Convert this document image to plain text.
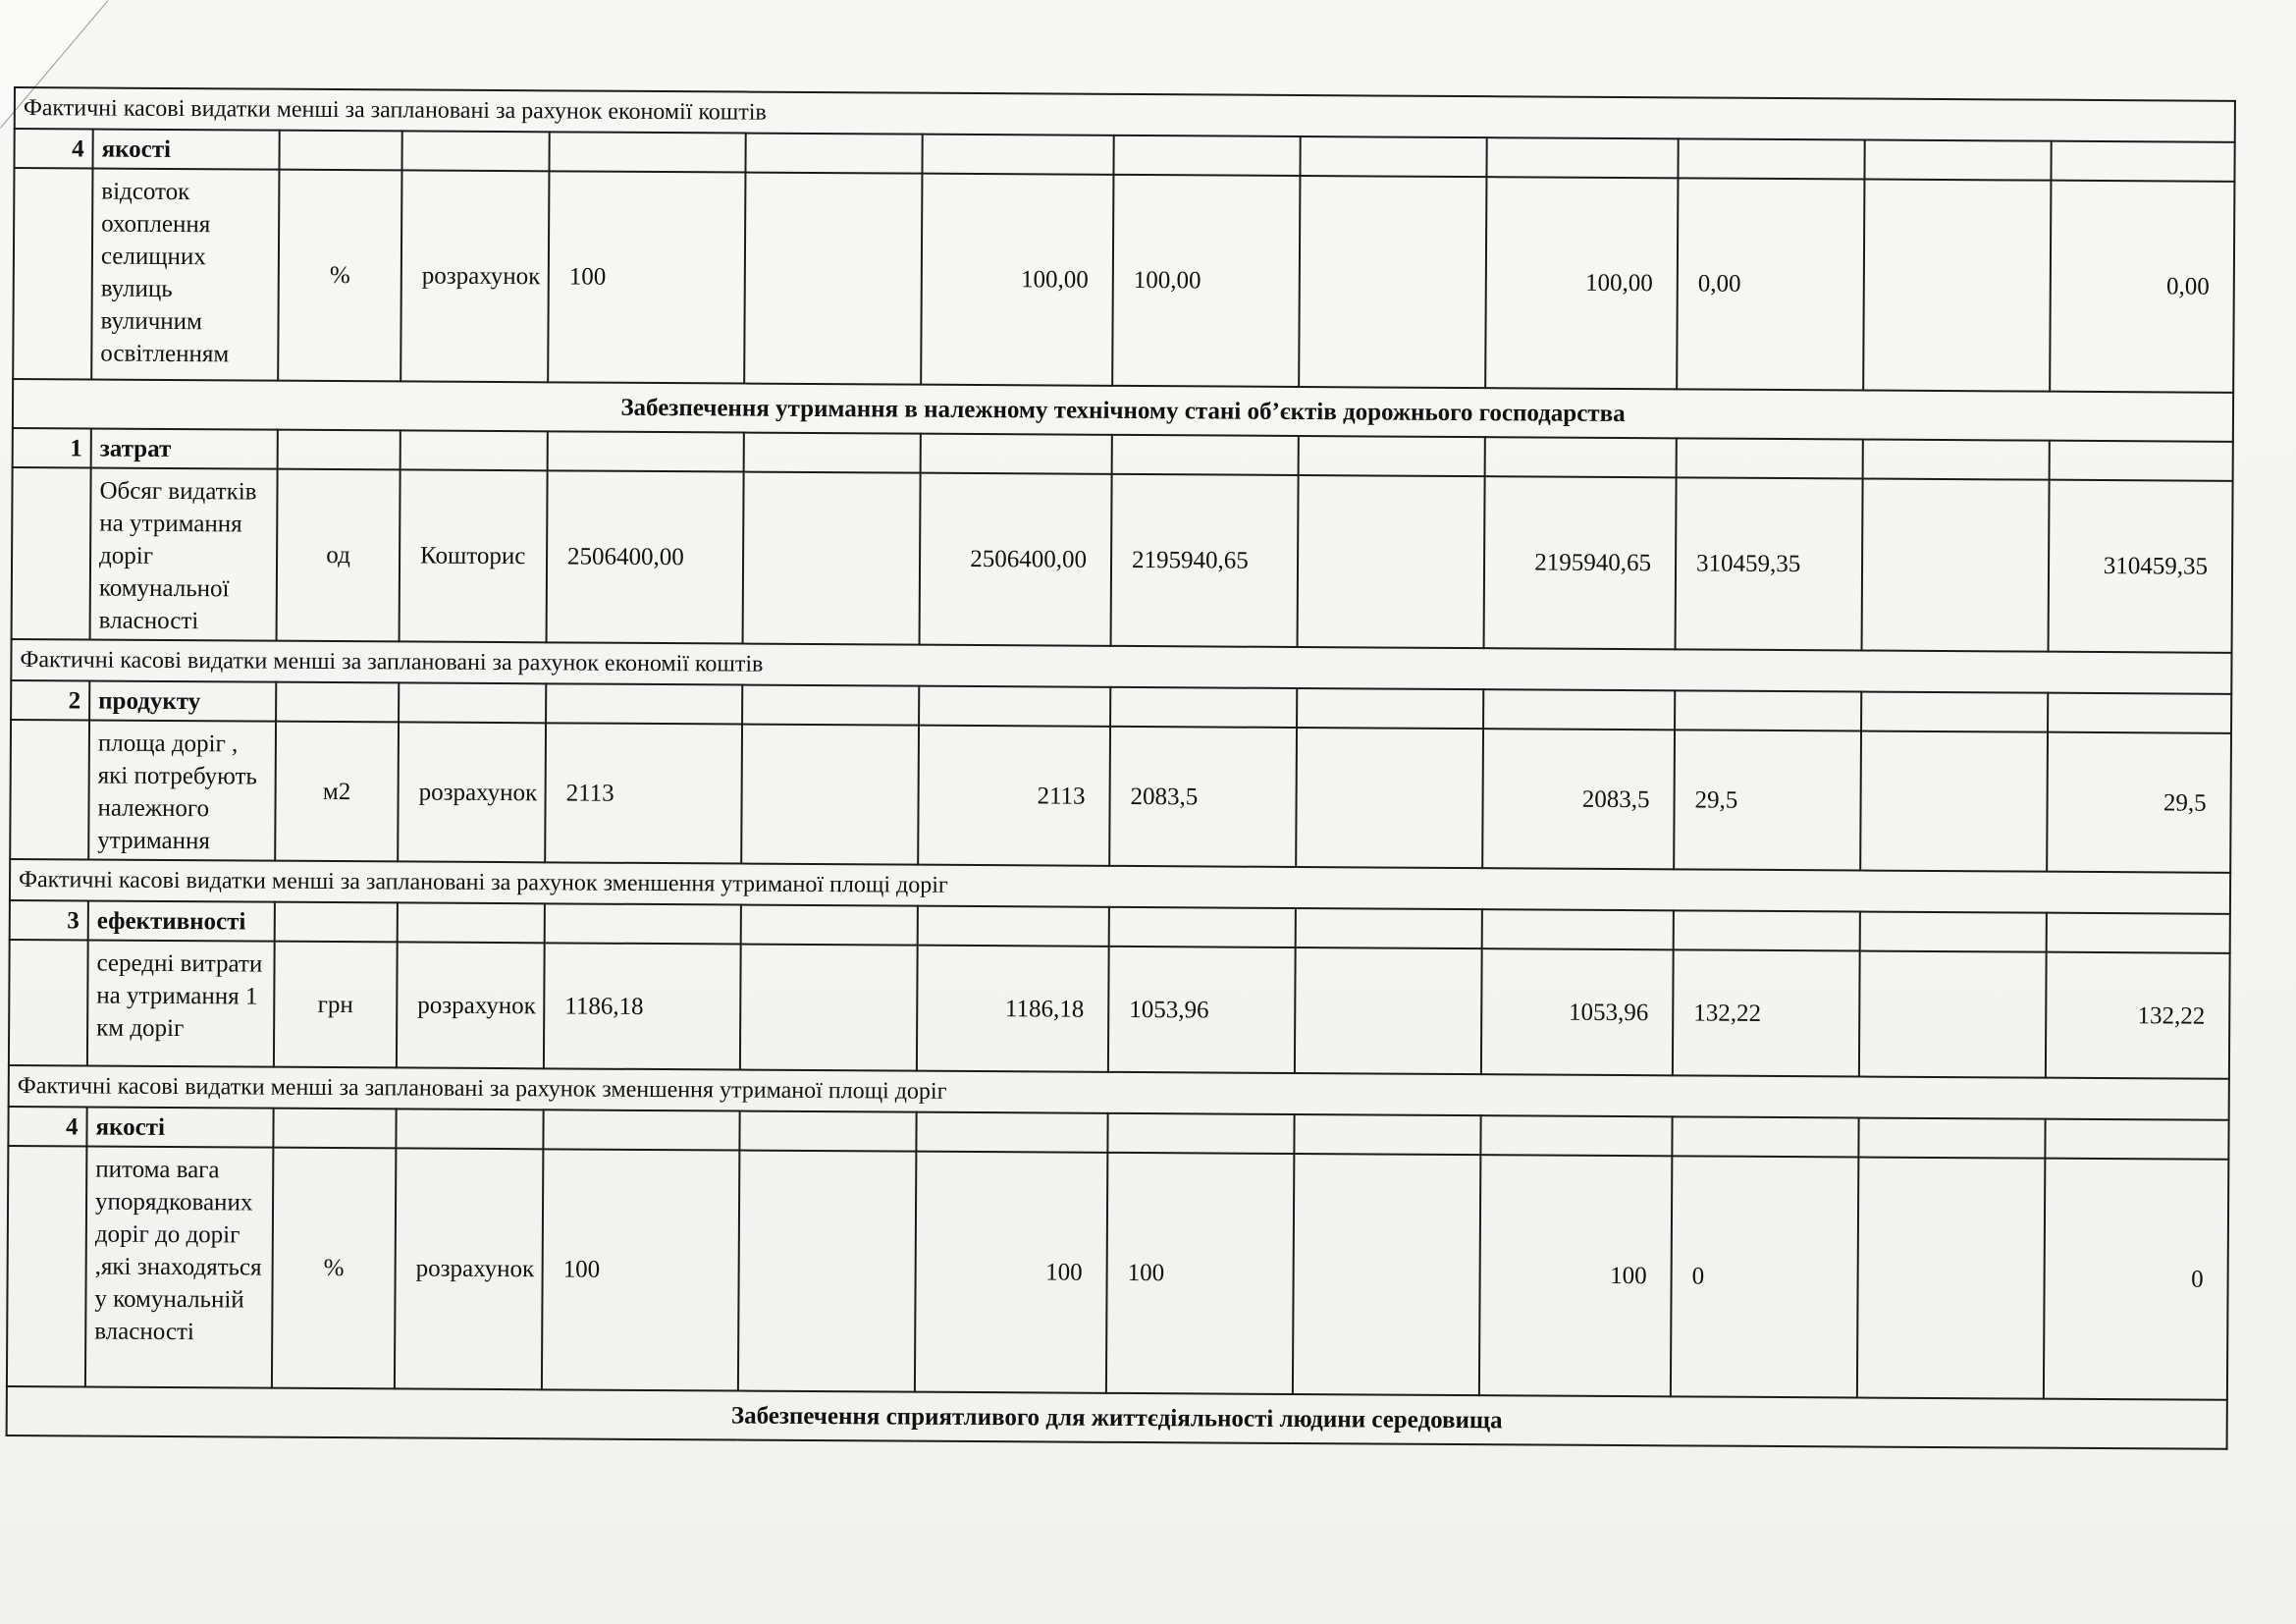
Фактичні касові видатки менші за заплановані за рахунок економії коштів												
4	якості											
	відсоток охоплення селищних вулиць вуличним освітленням	%	розрахунок	100		100,00	100,00		100,00	0,00		0,00
Забезпечення утримання в належному технічному стані об’єктів дорожнього господарства												
1	затрат											
	Обсяг видатків на утримання доріг комунальної власності	од	Кошторис	2506400,00		2506400,00	2195940,65		2195940,65	310459,35		310459,35
Фактичні касові видатки менші за заплановані за рахунок економії коштів												
2	продукту											
	площа доріг , які потребують належного утримання	м2	розрахунок	2113		2113	2083,5		2083,5	29,5		29,5
Фактичні касові видатки менші за заплановані за рахунок зменшення утриманої площі доріг												
3	ефективності											
	середні витрати на утримання 1 км доріг	грн	розрахунок	1186,18		1186,18	1053,96		1053,96	132,22		132,22
Фактичні касові видатки менші за заплановані за рахунок зменшення утриманої площі доріг												
4	якості											
	питома вага упорядкованих доріг до доріг ,які знаходяться у комунальній власності	%	розрахунок	100		100	100		100	0		0
Забезпечення сприятливого для життєдіяльності людини середовища												
